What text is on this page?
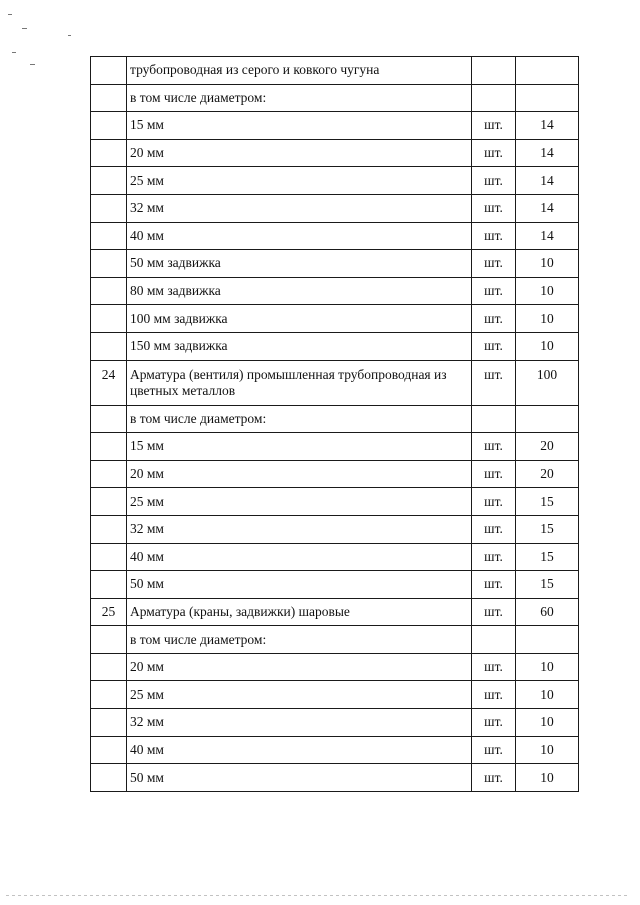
	трубопроводная из серого и ковкого чугуна		
	в том числе диаметром:		
	15 мм	шт.	14
	20 мм	шт.	14
	25 мм	шт.	14
	32 мм	шт.	14
	40 мм	шт.	14
	50 мм задвижка	шт.	10
	80 мм задвижка	шт.	10
	100 мм задвижка	шт.	10
	150 мм задвижка	шт.	10
24	Арматура (вентиля) промышленная трубопроводная из цветных металлов	шт.	100
	в том числе диаметром:		
	15 мм	шт.	20
	20 мм	шт.	20
	25 мм	шт.	15
	32 мм	шт.	15
	40 мм	шт.	15
	50 мм	шт.	15
25	Арматура (краны, задвижки) шаровые	шт.	60
	в том числе диаметром:		
	20 мм	шт.	10
	25 мм	шт.	10
	32 мм	шт.	10
	40 мм	шт.	10
	50 мм	шт.	10
